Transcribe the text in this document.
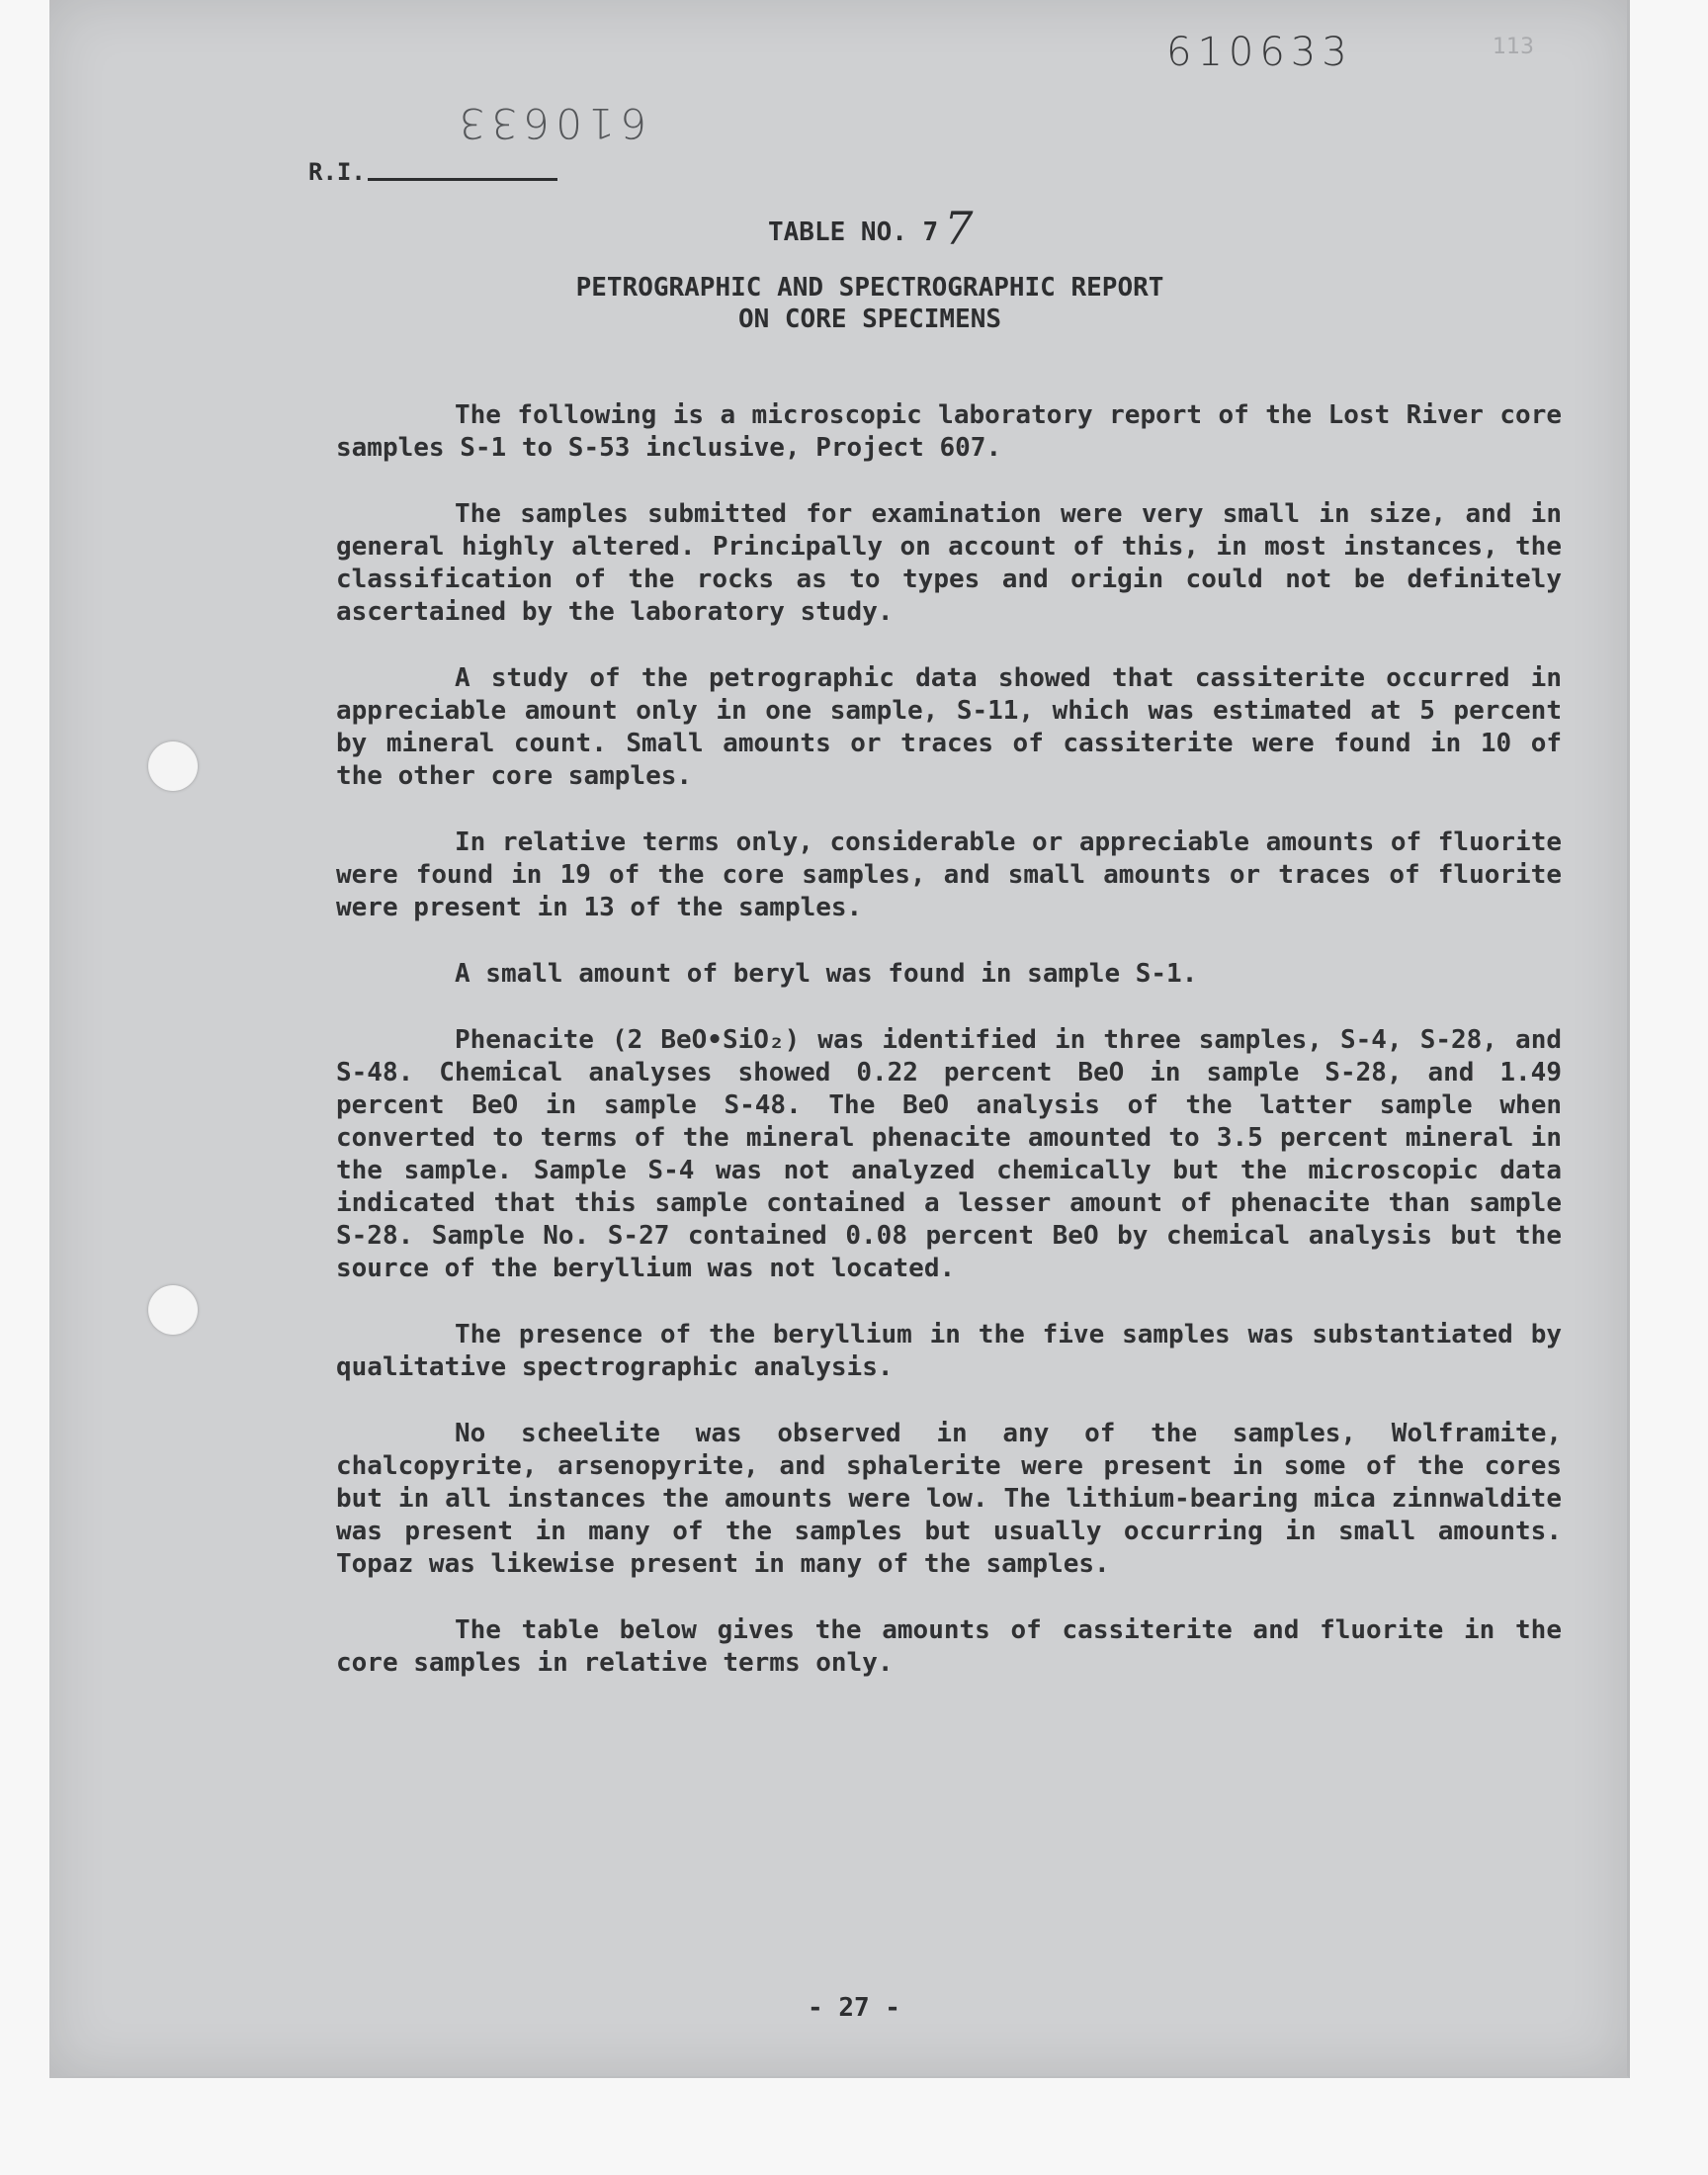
610633
610633
113
R.I.
TABLE NO. 7 7
PETROGRAPHIC AND SPECTROGRAPHIC REPORT
ON CORE SPECIMENS

The following is a microscopic laboratory report of the Lost River core samples S-1 to S-53 inclusive, Project 607.

The samples submitted for examination were very small in size, and in general highly altered. Principally on account of this, in most instances, the classification of the rocks as to types and origin could not be definitely ascertained by the laboratory study.

A study of the petrographic data showed that cassiterite occurred in appreciable amount only in one sample, S-11, which was estimated at 5 percent by mineral count. Small amounts or traces of cassiterite were found in 10 of the other core samples.

In relative terms only, considerable or appreciable amounts of fluorite were found in 19 of the core samples, and small amounts or traces of fluorite were present in 13 of the samples.

A small amount of beryl was found in sample S-1.

Phenacite (2 BeO•SiO₂) was identified in three samples, S-4, S-28, and S-48. Chemical analyses showed 0.22 percent BeO in sample S-28, and 1.49 percent BeO in sample S-48. The BeO analysis of the latter sample when converted to terms of the mineral phenacite amounted to 3.5 percent mineral in the sample. Sample S-4 was not analyzed chemically but the microscopic data indicated that this sample contained a lesser amount of phenacite than sample S-28. Sample No. S-27 contained 0.08 percent BeO by chemical analysis but the source of the beryllium was not located.

The presence of the beryllium in the five samples was substantiated by qualitative spectrographic analysis.

No scheelite was observed in any of the samples, Wolframite, chalcopyrite, arsenopyrite, and sphalerite were present in some of the cores but in all instances the amounts were low. The lithium-bearing mica zinnwaldite was present in many of the samples but usually occurring in small amounts. Topaz was likewise present in many of the samples.

The table below gives the amounts of cassiterite and fluorite in the core samples in relative terms only.

- 27 -
